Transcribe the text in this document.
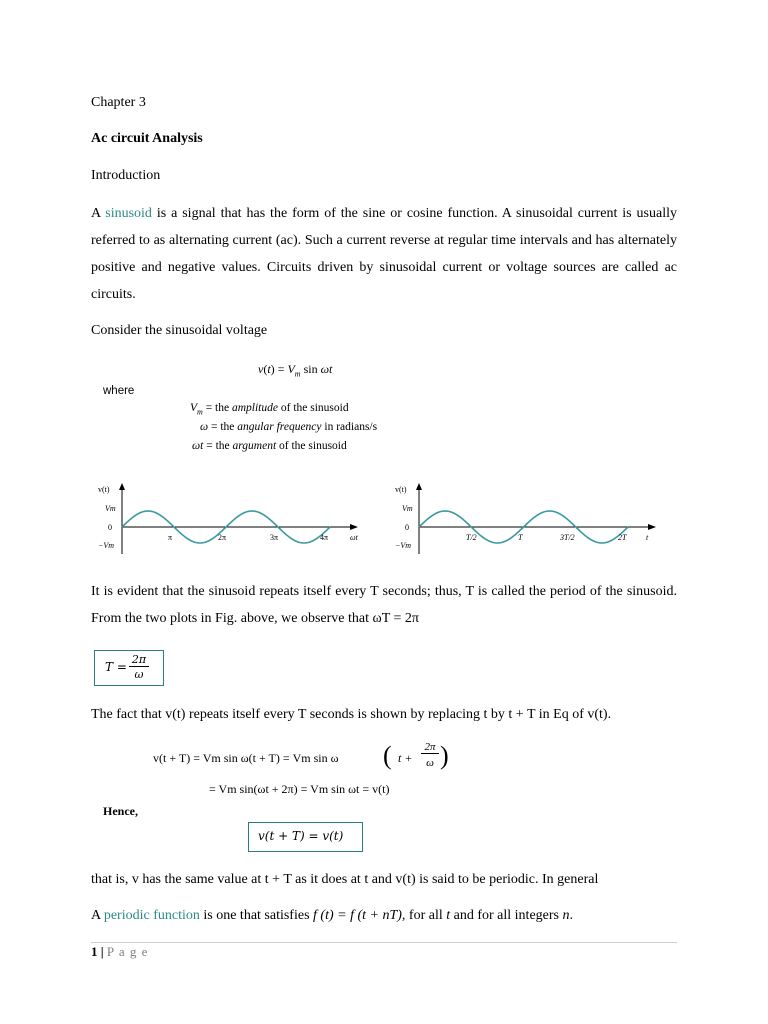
Chapter 3
Ac circuit Analysis
Introduction
A sinusoid is a signal that has the form of the sine or cosine function. A sinusoidal current is usually referred to as alternating current (ac). Such a current reverse at regular time intervals and has alternately positive and negative values. Circuits driven by sinusoidal current or voltage sources are called ac circuits.
Consider the sinusoidal voltage
$v(t) = V_m$ sin ωt
where
$V_m$ = the amplitude of the sinusoid
ω = the angular frequency in radians/s
ωt = the argument of the sinusoid
v(t)
Vm
0
−Vm
π	2π	3π	4π	ωt
v(t)
Vm
0
−Vm
T/2	T	3T/2	2T t
It is evident that the sinusoid repeats itself every T seconds; thus, T is called the period of the sinusoid. From the two plots in Fig. above, we observe that ωT = 2π
T =
2π
ω
The fact that v(t) repeats itself every T seconds is shown by replacing t by t + T in Eq of v(t).
v(t + T) = Vm sin ω(t + T) = Vm sin ω ( t +
2π
ω )
= Vm sin(ωt + 2π) = Vm sin ωt = v(t)
Hence,
v(t + T) = v(t)
that is, v has the same value at t + T as it does at t and v(t) is said to be periodic. In general
A periodic function is one that satisfies f (t) = f (t + nT), for all t and for all integers n.
1 | P a g e
